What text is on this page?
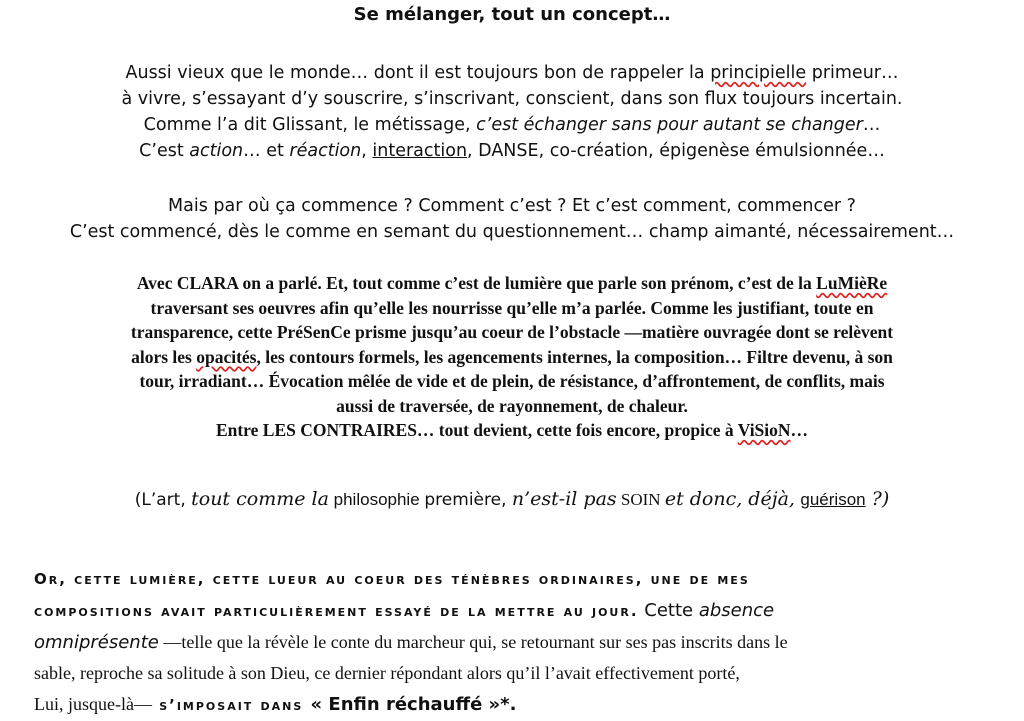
Se mélanger, tout un concept…
Aussi vieux que le monde… dont il est toujours bon de rappeler la principielle primeur…
à vivre, s’essayant d’y souscrire, s’inscrivant, conscient, dans son flux toujours incertain.
Comme l’a dit Glissant, le métissage, c’est échanger sans pour autant se changer…
C’est action… et réaction, interaction, DANSE, co-création, épigenèse émulsionnée…
Mais par où ça commence ? Comment c’est ? Et c’est comment, commencer ?
C’est commencé, dès le comme en semant du questionnement… champ aimanté, nécessairement…
Avec CLARA on a parlé. Et, tout comme c’est de lumière que parle son prénom, c’est de la LuMièRe
traversant ses oeuvres afin qu’elle les nourrisse qu’elle m’a parlée. Comme les justifiant, toute en
transparence, cette PréSenCe prisme jusqu’au coeur de l’obstacle —matière ouvragée dont se relèvent
alors les opacités, les contours formels, les agencements internes, la composition… Filtre devenu, à son
tour, irradiant… Évocation mêlée de vide et de plein, de résistance, d’affrontement, de conflits, mais
aussi de traversée, de rayonnement, de chaleur.
Entre LES CONTRAIRES… tout devient, cette fois encore, propice à ViSioN…
(L’art, tout comme la philosophie première, n’est-il pas SOIN et donc, déjà, guérison ?)
Or, cette lumière, cette lueur au coeur des ténèbres ordinaires, une de mes
compositions avait particulièrement essayé de la mettre au jour. Cette absence
omniprésente —telle que la révèle le conte du marcheur qui, se retournant sur ses pas inscrits dans le
sable, reproche sa solitude à son Dieu, ce dernier répondant alors qu’il l’avait effectivement porté,
Lui, jusque-là— s’imposait dans « Enfin réchauffé »*.
